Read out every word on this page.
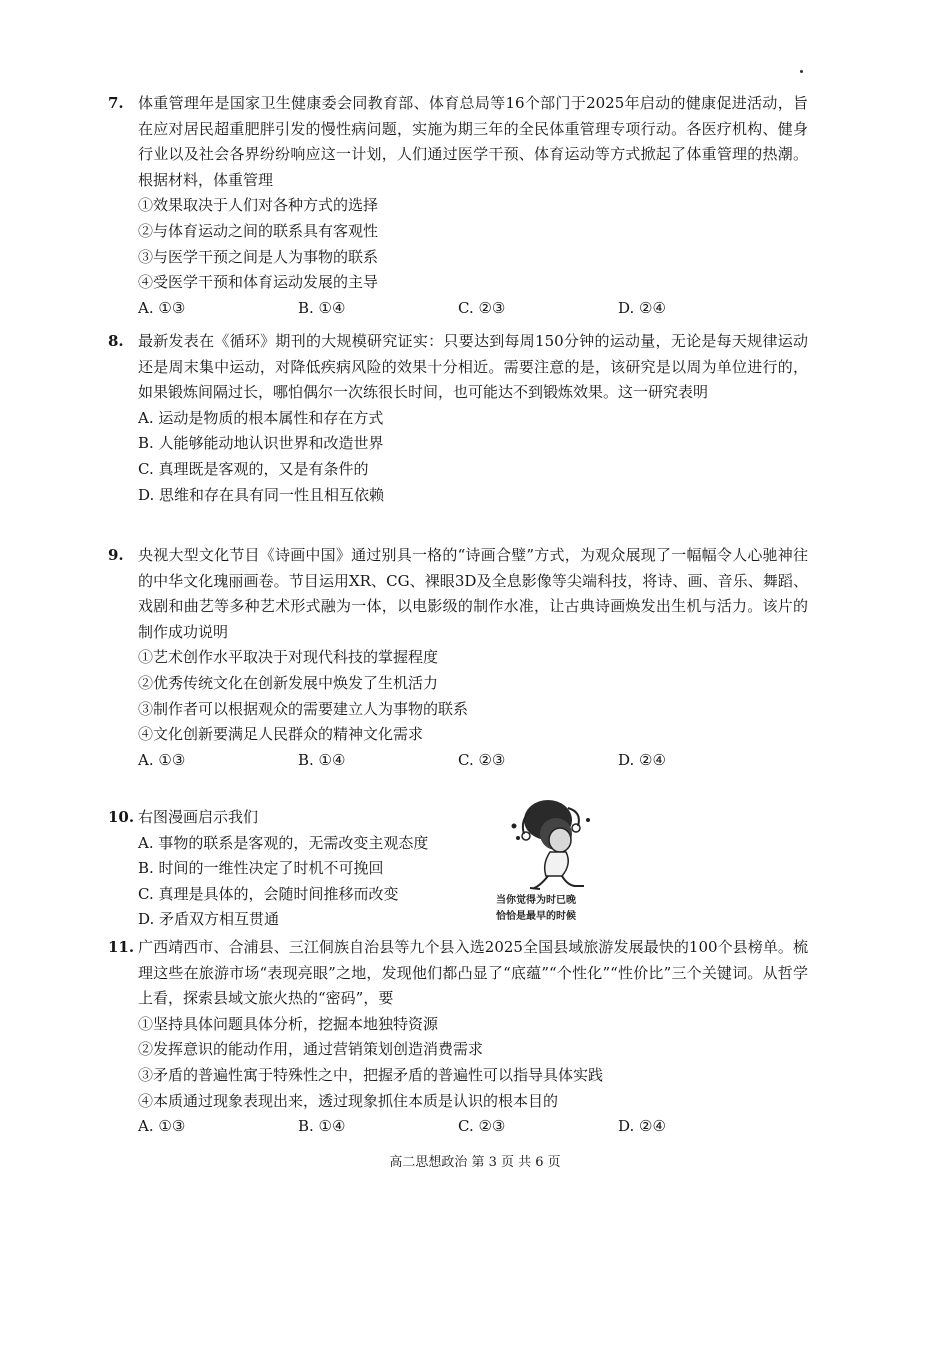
7. 体重管理年是国家卫生健康委会同教育部、体育总局等16个部门于2025年启动的健康促进活动，旨在应对居民超重肥胖引发的慢性病问题，实施为期三年的全民体重管理专项行动。各医疗机构、健身行业以及社会各界纷纷响应这一计划，人们通过医学干预、体育运动等方式掀起了体重管理的热潮。根据材料，体重管理
①效果取决于人们对各种方式的选择
②与体育运动之间的联系具有客观性
③与医学干预之间是人为事物的联系
④受医学干预和体育运动发展的主导
A. ①③	B. ①④	C. ②③	D. ②④
8. 最新发表在《循环》期刊的大规模研究证实：只要达到每周150分钟的运动量，无论是每天规律运动还是周末集中运动，对降低疾病风险的效果十分相近。需要注意的是，该研究是以周为单位进行的，如果锻炼间隔过长，哪怕偶尔一次练很长时间，也可能达不到锻炼效果。这一研究表明
A. 运动是物质的根本属性和存在方式
B. 人能够能动地认识世界和改造世界
C. 真理既是客观的，又是有条件的
D. 思维和存在具有同一性且相互依赖
9. 央视大型文化节目《诗画中国》通过别具一格的“诗画合璧”方式，为观众展现了一幅幅令人心驰神往的中华文化瑰丽画卷。节目运用XR、CG、裸眼3D及全息影像等尖端科技，将诗、画、音乐、舞蹈、戏剧和曲艺等多种艺术形式融为一体，以电影级的制作水准，让古典诗画焕发出生机与活力。该片的制作成功说明
①艺术创作水平取决于对现代科技的掌握程度
②优秀传统文化在创新发展中焕发了生机活力
③制作者可以根据观众的需要建立人为事物的联系
④文化创新要满足人民群众的精神文化需求
A. ①③	B. ①④	C. ②③	D. ②④
10. 右图漫画启示我们
A. 事物的联系是客观的，无需改变主观态度
B. 时间的一维性决定了时机不可挽回
C. 真理是具体的，会随时间推移而改变
D. 矛盾双方相互贯通
当你觉得为时已晚
恰恰是最早的时候
11. 广西靖西市、合浦县、三江侗族自治县等九个县入选2025全国县域旅游发展最快的100个县榜单。梳理这些在旅游市场“表现亮眼”之地，发现他们都凸显了“底蕴”“个性化”“性价比”三个关键词。从哲学上看，探索县域文旅火热的“密码”，要
①坚持具体问题具体分析，挖掘本地独特资源
②发挥意识的能动作用，通过营销策划创造消费需求
③矛盾的普遍性寓于特殊性之中，把握矛盾的普遍性可以指导具体实践
④本质通过现象表现出来，透过现象抓住本质是认识的根本目的
A. ①③	B. ①④	C. ②③	D. ②④
高二思想政治 第 3 页 共 6 页
